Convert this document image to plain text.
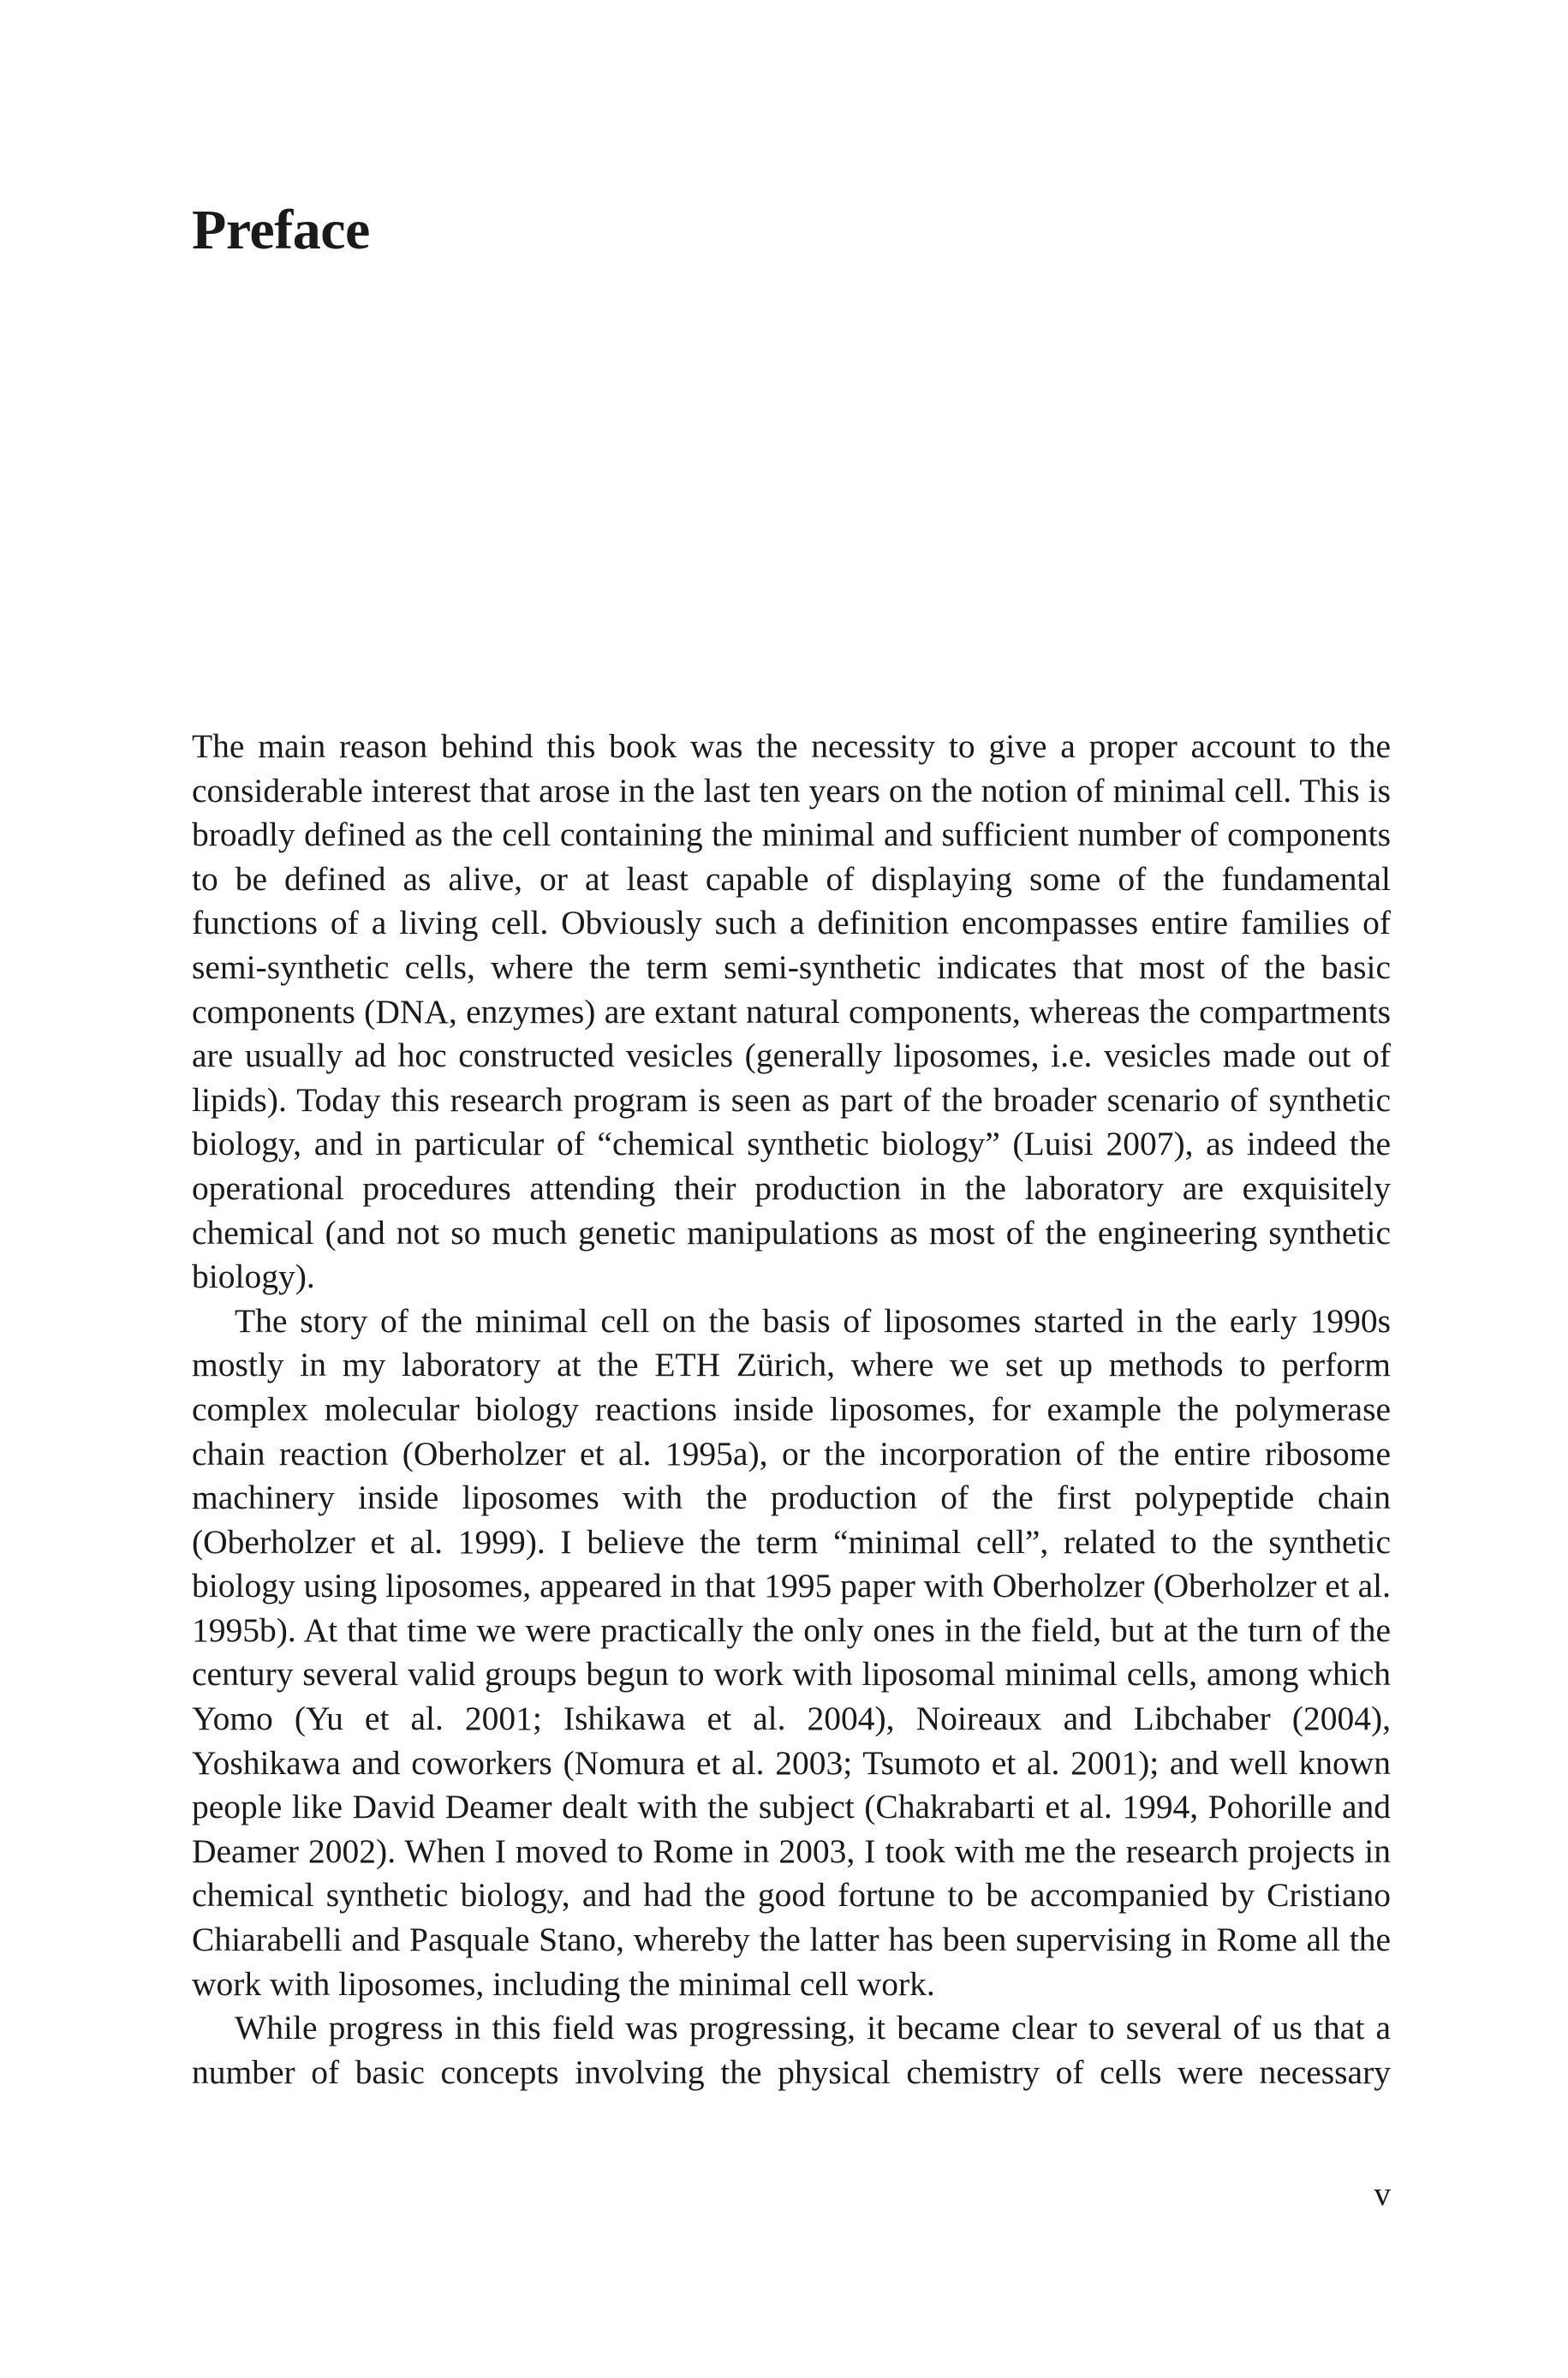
Preface

The main reason behind this book was the necessity to give a proper account to the considerable interest that arose in the last ten years on the notion of minimal cell. This is broadly defined as the cell containing the minimal and sufficient number of components to be defined as alive, or at least capable of displaying some of the fundamental functions of a living cell. Obviously such a definition encompasses entire families of semi-synthetic cells, where the term semi-synthetic indicates that most of the basic components (DNA, enzymes) are extant natural components, whereas the compartments are usually ad hoc constructed vesicles (generally liposomes, i.e. vesicles made out of lipids). Today this research program is seen as part of the broader scenario of synthetic biology, and in particular of “chemical synthetic biology” (Luisi 2007), as indeed the operational procedures attending their production in the laboratory are exquisitely chemical (and not so much genetic manipulations as most of the engineering synthetic biology).

The story of the minimal cell on the basis of liposomes started in the early 1990s mostly in my laboratory at the ETH Zürich, where we set up methods to perform complex molecular biology reactions inside liposomes, for example the polymerase chain reaction (Oberholzer et al. 1995a), or the incorporation of the entire ribosome machinery inside liposomes with the production of the first polypeptide chain (Oberholzer et al. 1999). I believe the term “minimal cell”, related to the synthetic biology using liposomes, appeared in that 1995 paper with Oberholzer (Oberholzer et al. 1995b). At that time we were practically the only ones in the field, but at the turn of the century several valid groups begun to work with liposomal minimal cells, among which Yomo (Yu et al. 2001; Ishikawa et al. 2004), Noireaux and Libchaber (2004), Yoshikawa and coworkers (Nomura et al. 2003; Tsumoto et al. 2001); and well known people like David Deamer dealt with the subject (Chakrabarti et al. 1994, Pohorille and Deamer 2002). When I moved to Rome in 2003, I took with me the research projects in chemical synthetic biology, and had the good fortune to be accompanied by Cristiano Chiarabelli and Pasquale Stano, whereby the latter has been supervising in Rome all the work with liposomes, including the minimal cell work.

While progress in this field was progressing, it became clear to several of us that a number of basic concepts involving the physical chemistry of cells were necessary

v
